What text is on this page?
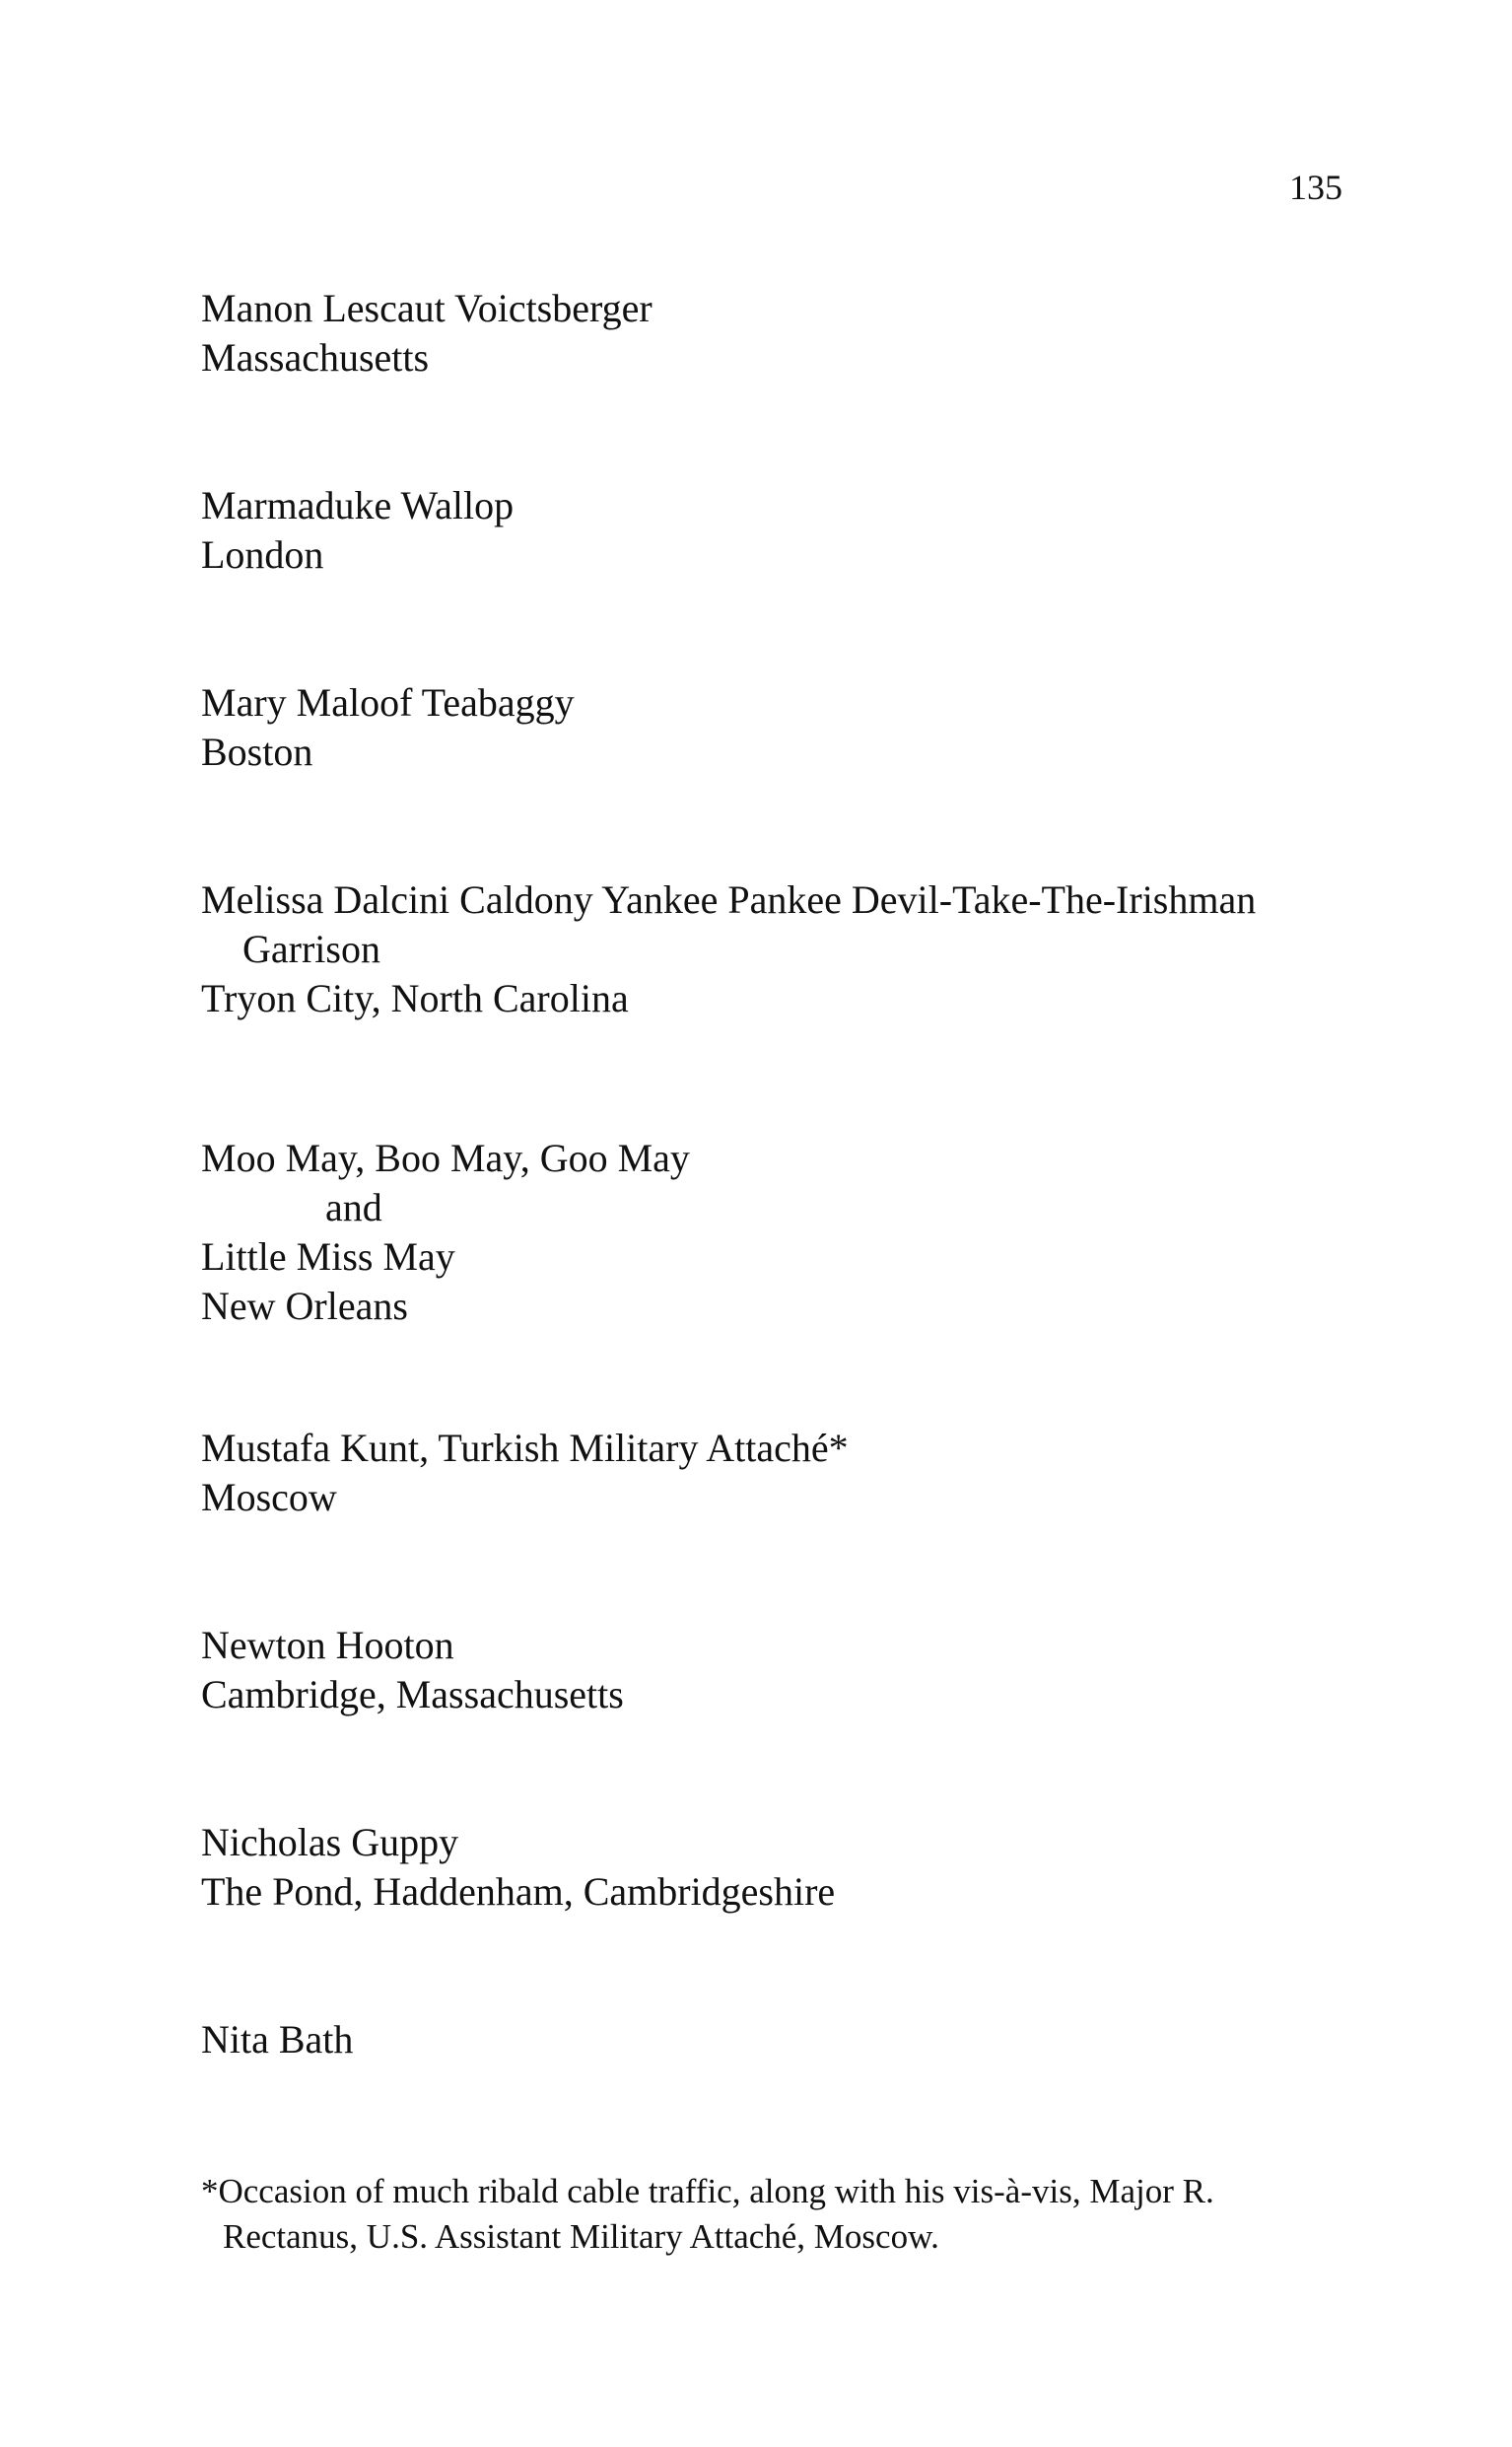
135
Manon Lescaut Voictsberger
Massachusetts
Marmaduke Wallop
London
Mary Maloof Teabaggy
Boston
Melissa Dalcini Caldony Yankee Pankee Devil-Take-The-Irishman
Garrison
Tryon City, North Carolina
Moo May, Boo May, Goo May
and
Little Miss May
New Orleans
Mustafa Kunt, Turkish Military Attaché*
Moscow
Newton Hooton
Cambridge, Massachusetts
Nicholas Guppy
The Pond, Haddenham, Cambridgeshire
Nita Bath
*Occasion of much ribald cable traffic, along with his vis-à-vis, Major R.
Rectanus, U.S. Assistant Military Attaché, Moscow.
